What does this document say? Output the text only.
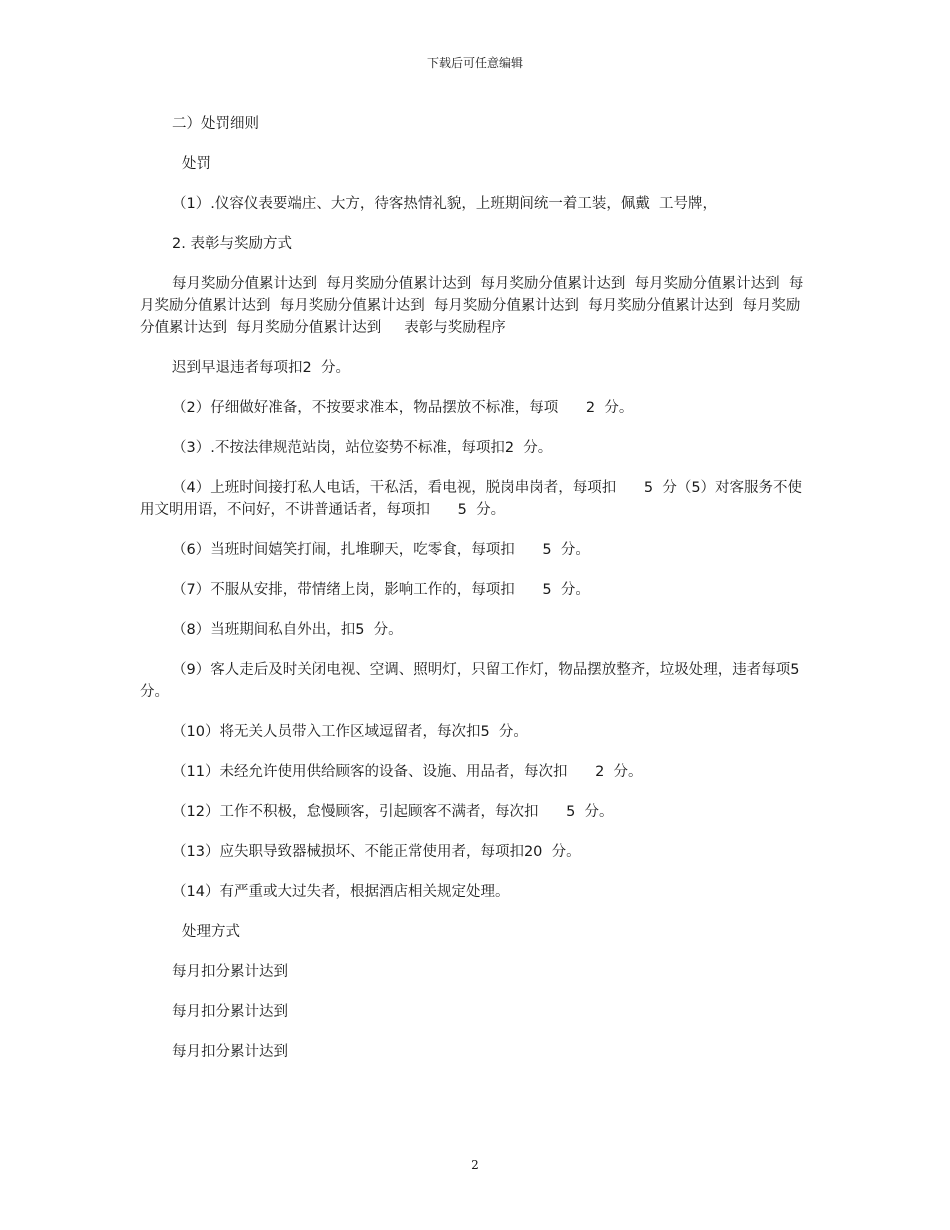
下载后可任意编辑

二）处罚细则

处罚

（1）.仪容仪表要端庄、大方，待客热情礼貌，上班期间统一着工装，佩戴  工号牌，

2. 表彰与奖励方式

每月奖励分值累计达到  每月奖励分值累计达到  每月奖励分值累计达到  每月奖励分值累计达到  每月奖励分值累计达到  每月奖励分值累计达到  每月奖励分值累计达到  每月奖励分值累计达到  每月奖励分值累计达到  每月奖励分值累计达到     表彰与奖励程序

迟到早退违者每项扣2  分。

（2）仔细做好准备，不按要求准本，物品摆放不标准，每项      2  分。

（3）.不按法律规范站岗，站位姿势不标准，每项扣2  分。

（4）上班时间接打私人电话，干私活，看电视，脱岗串岗者，每项扣      5  分（5）对客服务不使用文明用语，不问好，不讲普通话者，每项扣      5  分。

（6）当班时间嬉笑打闹，扎堆聊天，吃零食，每项扣      5  分。

（7）不服从安排，带情绪上岗，影响工作的，每项扣      5  分。

（8）当班期间私自外出，扣5  分。

（9）客人走后及时关闭电视、空调、照明灯，只留工作灯，物品摆放整齐，垃圾处理，违者每项5  分。

（10）将无关人员带入工作区域逗留者，每次扣5  分。

（11）未经允许使用供给顾客的设备、设施、用品者，每次扣      2  分。

（12）工作不积极，怠慢顾客，引起顾客不满者，每次扣      5  分。

（13）应失职导致器械损坏、不能正常使用者，每项扣20  分。

（14）有严重或大过失者，根据酒店相关规定处理。

处理方式

每月扣分累计达到

每月扣分累计达到

每月扣分累计达到

2
